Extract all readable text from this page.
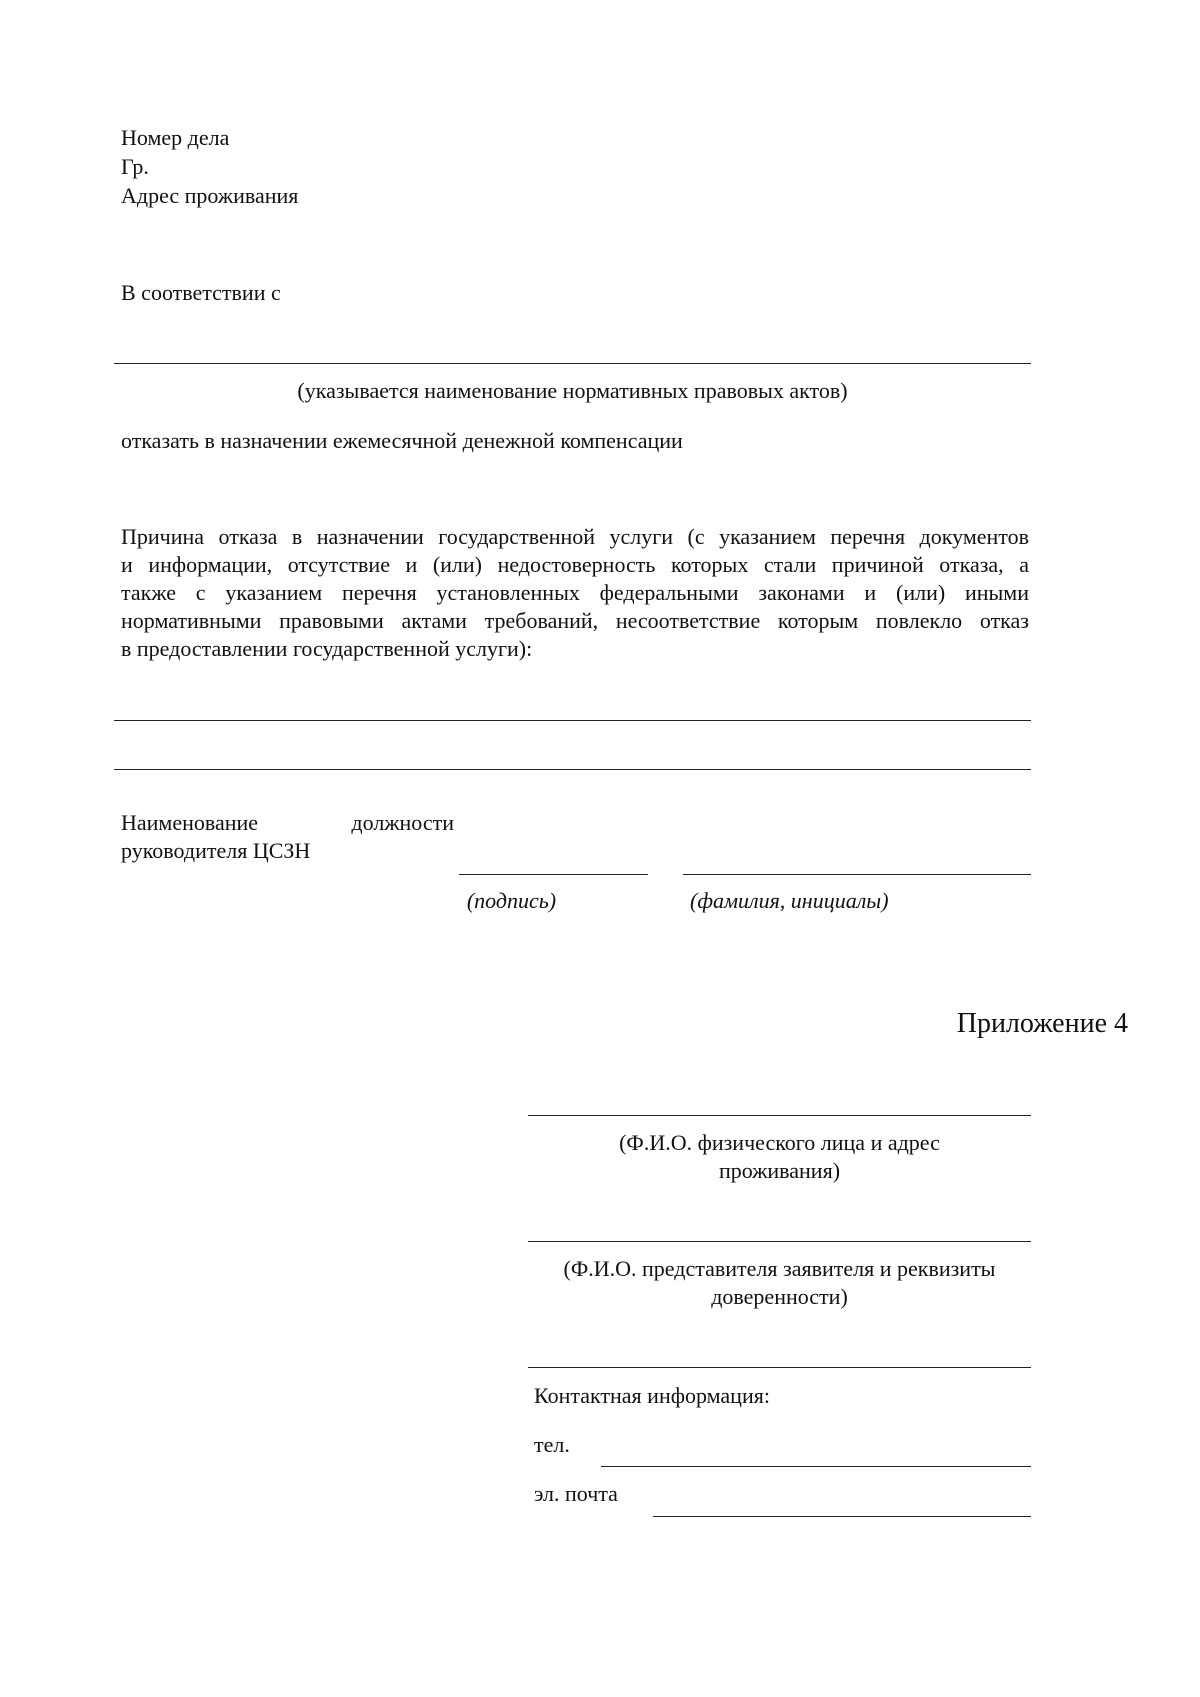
Номер дела
Гр.
Адрес проживания
В соответствии с
(указывается наименование нормативных правовых актов)
отказать в назначении ежемесячной денежной компенсации
Причина отказа в назначении государственной услуги (с указанием перечня документов
и информации, отсутствие и (или) недостоверность которых стали причиной отказа, а
также с указанием перечня установленных федеральными законами и (или) иными
нормативными правовыми актами требований, несоответствие которым повлекло отказ
в предоставлении государственной услуги):
Наименование должности
руководителя ЦСЗН
(подпись)	(фамилия, инициалы)
Приложение 4
(Ф.И.О. физического лица и адрес
проживания)
(Ф.И.О. представителя заявителя и реквизиты
доверенности)
Контактная информация:
тел.
эл. почта
